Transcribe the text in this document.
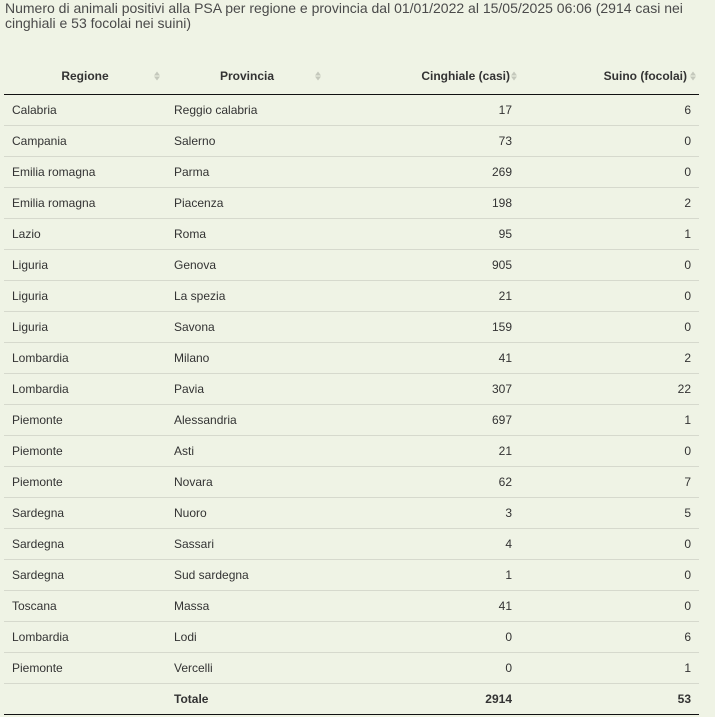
Numero di animali positivi alla PSA per regione e provincia dal 01/01/2022 al 15/05/2025 06:06 (2914 casi nei cinghiali e 53 focolai nei suini)
Regione	Provincia	Cinghiale (casi)	Suino (focolai)

Calabria	Reggio calabria	17	6
Campania	Salerno	73	0
Emilia romagna	Parma	269	0
Emilia romagna	Piacenza	198	2
Lazio	Roma	95	1
Liguria	Genova	905	0
Liguria	La spezia	21	0
Liguria	Savona	159	0
Lombardia	Milano	41	2
Lombardia	Pavia	307	22
Piemonte	Alessandria	697	1
Piemonte	Asti	21	0
Piemonte	Novara	62	7
Sardegna	Nuoro	3	5
Sardegna	Sassari	4	0
Sardegna	Sud sardegna	1	0
Toscana	Massa	41	0
Lombardia	Lodi	0	6
Piemonte	Vercelli	0	1
	Totale	2914	53
